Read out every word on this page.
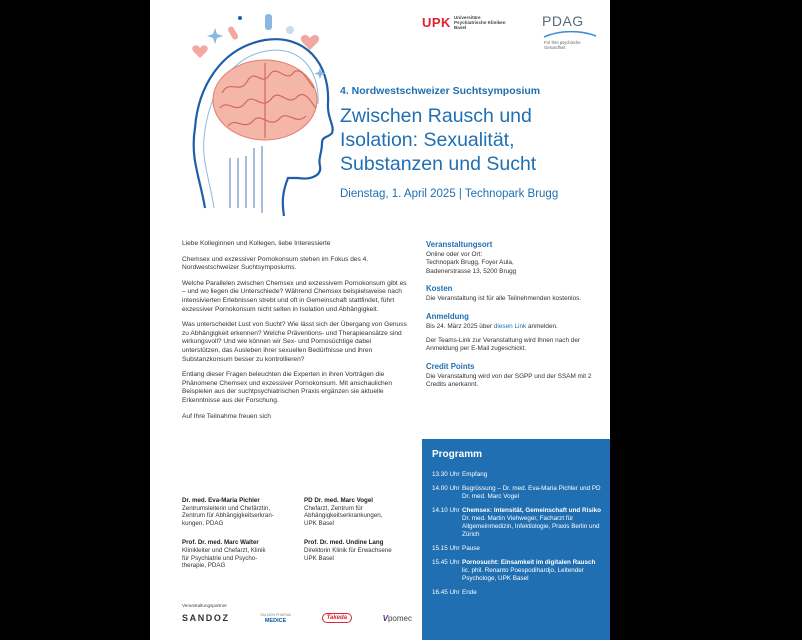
UPK Universitäre
Psychiatrische Kliniken
Basel	PDAG
Für Ihre psychische Gesundheit
4. Nordwestschweizer Suchtsymposium
Zwischen Rausch und Isolation: Sexualität, Substanzen und Sucht
Dienstag, 1. April 2025 | Technopark Brugg

Liebe Kolleginnen und Kollegen, liebe Interessierte

Chemsex und exzessiver Pornokonsum stehen im Fokus des 4. Nordwestschweizer Suchtsymposiums.

Welche Parallelen zwischen Chemsex und exzessivem Pornokonsum gibt es – und wo liegen die Unterschiede? Während Chemsex beispielsweise nach intensivierten Erlebnissen strebt und oft in Gemeinschaft stattfindet, führt exzessiver Pornokonsum nicht selten in Isolation und Abhängigkeit.

Was unterscheidet Lust von Sucht? Wie lässt sich der Übergang von Genuss zu Abhängigkeit erkennen? Welche Präventions- und Therapieansätze sind wirkungsvoll? Und wie können wir Sex- und Pornosüchtige dabei unterstützen, das Ausleben ihrer sexuellen Bedürfnisse und ihren Substanzkonsum besser zu kontrollieren?

Entlang dieser Fragen beleuchten die Experten in ihren Vorträgen die Phänomene Chemsex und exzessiver Pornokonsum. Mit anschaulichen Beispielen aus der suchtpsychiatrischen Praxis ergänzen sie aktuelle Erkenntnisse aus der Forschung.

Auf Ihre Teilnahme freuen sich

Dr. med. Eva-Maria Pichler
Zentrumsleiterin und Chefärztin,
Zentrum für Abhängigkeitserkran-
kungen, PDAG
PD Dr. med. Marc Vogel
Chefarzt, Zentrum für
Abhängigkeitserkrankungen,
UPK Basel
Prof. Dr. med. Marc Walter
Klinikleiter und Chefarzt, Klinik
für Psychiatrie und Psycho-
therapie, PDAG
Prof. Dr. med. Undine Lang
Direktorin Klinik für Erwachsene
UPK Basel
Veranstaltungspartner
SANDOZ	SALMON PHARMA
MEDICE	Takeda	Vpomec

Veranstaltungsort

Online oder vor Ort:
Technopark Brugg, Foyer Aula,
Badenerstrasse 13, 5200 Brugg

Kosten

Die Veranstaltung ist für alle Teilnehmenden kostenlos.

Anmeldung

Bis 24. März 2025 über diesen Link anmelden.

Der Teams-Link zur Veranstaltung wird Ihnen nach der Anmeldung per E-Mail zugeschickt.

Credit Points

Die Veranstaltung wird von der SGPP und der SSAM mit 2 Credits anerkannt.

Programm
13.30 Uhr Empfang
14.00 Uhr Begrüssung – Dr. med. Eva-Maria Pichler und PD Dr. med. Marc Vogel
14.10 Uhr Chemsex: Intensität, Gemeinschaft und Risiko
Dr. med. Martin Viehweger, Facharzt für Allgemeinmedizin, Infektiologie, Praxis Berlin und Zürich
15.15 Uhr Pause
15.45 Uhr Pornosucht: Einsamkeit im digitalen Rausch
lic. phil. Renanto Poespodihardjo, Leitender Psychologe, UPK Basel
16.45 Uhr Ende
